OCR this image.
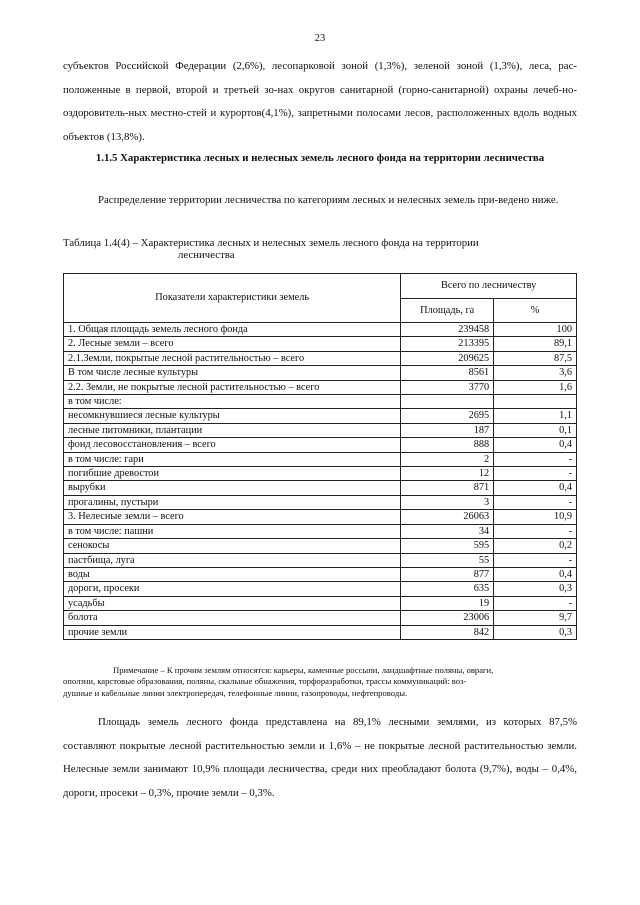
23

субъектов Российской Федерации (2,6%), лесопарковой зоной (1,3%), зеленой зоной (1,3%), леса, рас-положенные в первой, второй и третьей зо-нах округов санитарной (горно-санитарной) охраны лечеб-но-оздоровитель-ных местно-стей и курортов(4,1%), запретными полосами лесов, расположенных вдоль водных объектов (13,8%).

1.1.5 Характеристика лесных и нелесных земель лесного фонда на территории лесничества

Распределение территории лесничества по категориям лесных и нелесных земель при-ведено ниже.

Таблица 1.4(4) – Характеристика лесных и нелесных земель лесного фонда на территории
лесничества
Показатели характеристики земель	Всего по лесничеству	
	Площадь, га	%
1. Общая площадь земель лесного фонда	239458	100
2. Лесные земли – всего	213395	89,1
2.1.Земли, покрытые лесной растительностью – всего	209625	87,5
В том числе лесные культуры	8561	3,6
2.2. Земли, не покрытые лесной растительностью – всего	3770	1,6
в том числе:		
несомкнувшиеся лесные культуры	2695	1,1
лесные питомники, плантации	187	0,1
фонд лесовосстановления – всего	888	0,4
в том числе: гари	2	-
погибшие древостои	12	-
вырубки	871	0,4
прогалины, пустыри	3	-
3. Нелесные земли – всего	26063	10,9
в том числе: пашни	34	-
сенокосы	595	0,2
пастбища, луга	55	-
воды	877	0,4
дороги, просеки	635	0,3
усадьбы	19	-
болота	23006	9,7
прочие земли	842	0,3
Примечание – К прочим землям относятся: карьеры, каменные россыпи, ландшафтные поляны, овраги,
оползни, карстовые образования, поляны, скальные обнажения, торфоразработки, трассы коммуникаций: воз-
душные и кабельные линии электропередач, телефонные линии, газопроводы, нефтепроводы.

Площадь земель лесного фонда представлена на 89,1% лесными землями, из которых 87,5% составляют покрытые лесной растительностью земли и 1,6% – не покрытые лесной растительностью земли. Нелесные земли занимают 10,9% площади лесничества, среди них преобладают болота (9,7%), воды – 0,4%, дороги, просеки – 0,3%, прочие земли – 0,3%.
